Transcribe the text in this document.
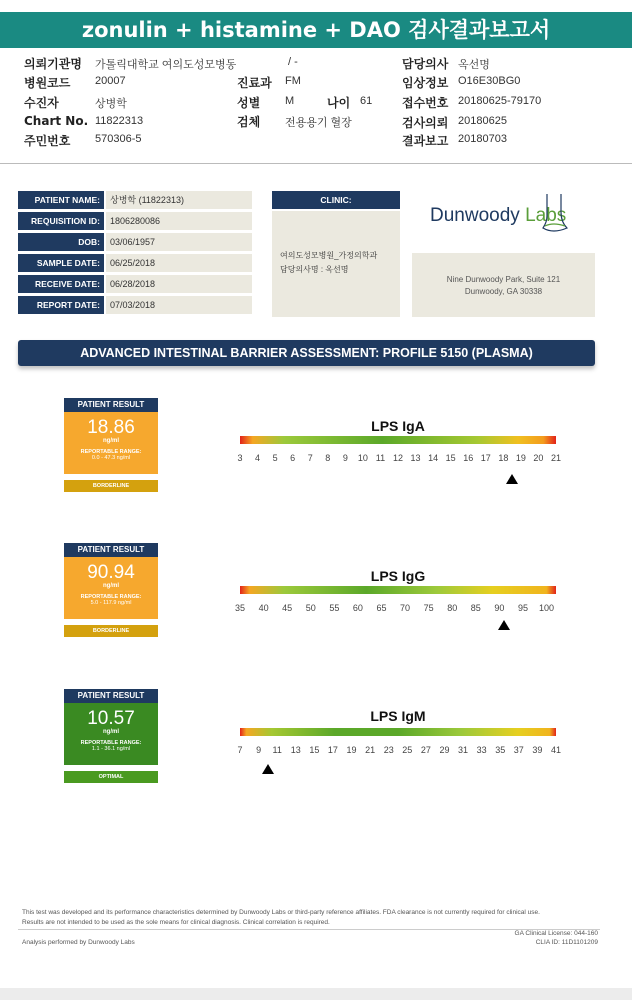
zonulin + histamine + DAO 검사결과보고서
의뢰기관명 가톨릭대학교 여의도성모병동
병원코드 20007
수진자	상병학
Chart No. 11822313
주민번호 570306-5
/ -
진료과 FM
성별 M	나이 61
검체 전용용기 혈장
담당의사 옥선명
임상정보 O16E30BG0
접수번호 20180625-79170
검사의뢰 20180625
결과보고 20180703
PATIENT NAME:	상병학 (11822313)
REQUISITION ID:	1806280086
DOB:	03/06/1957
SAMPLE DATE:	06/25/2018
RECEIVE DATE:	06/28/2018
REPORT DATE:	07/03/2018
CLINIC:
여의도성모병원_가정의학과
담당의사명 : 옥선명
Dunwoody Labs
Nine Dunwoody Park, Suite 121
Dunwoody, GA 30338
ADVANCED INTESTINAL BARRIER ASSESSMENT: PROFILE 5150 (PLASMA)
PATIENT RESULT
18.86
ng/ml
REPORTABLE RANGE:
0.0 - 47.3 ng/ml
BORDERLINE
LPS IgA
3 4 5 6 7 8 9 10 11 12 13 14 15 16 17 18 19 20 21
PATIENT RESULT
90.94
ng/ml
REPORTABLE RANGE:
5.0 - 117.9 ng/ml
BORDERLINE
LPS IgG
35 40 45 50 55 60 65 70 75 80 85 90 95 100
PATIENT RESULT
10.57
ng/ml
REPORTABLE RANGE:
1.1 - 36.1 ng/ml
OPTIMAL
LPS IgM
7 9 11 13 15 17 19 21 23 25 27 29 31 33 35 37 39 41
This test was developed and its performance characteristics determined by Dunwoody Labs or third-party reference affiliates. FDA clearance is not currently required for clinical use.
Results are not intended to be used as the sole means for clinical diagnosis. Clinical correlation is required.
Analysis performed by Dunwoody Labs
GA Clinical License: 044-160
CLIA ID: 11D1101209
